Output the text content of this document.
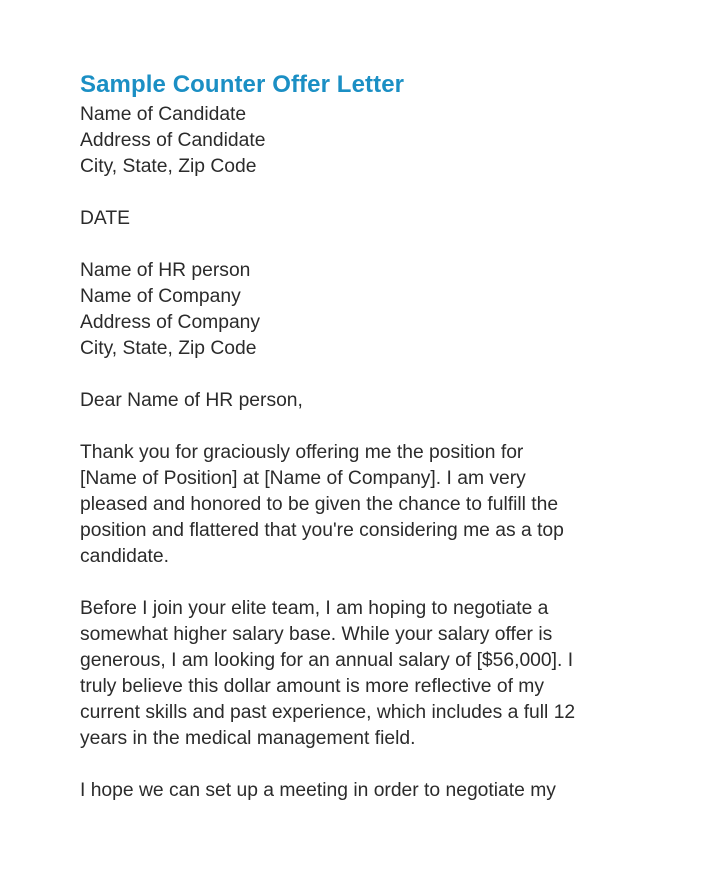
Sample Counter Offer Letter

Name of Candidate

Address of Candidate

City, State, Zip Code

DATE

Name of HR person

Name of Company

Address of Company

City, State, Zip Code

Dear Name of HR person,

Thank you for graciously offering me the position for

[Name of Position] at [Name of Company]. I am very

pleased and honored to be given the chance to fulfill the

position and flattered that you're considering me as a top

candidate.

Before I join your elite team, I am hoping to negotiate a

somewhat higher salary base. While your salary offer is

generous, I am looking for an annual salary of [$56,000]. I

truly believe this dollar amount is more reflective of my

current skills and past experience, which includes a full 12

years in the medical management field.

I hope we can set up a meeting in order to negotiate my
